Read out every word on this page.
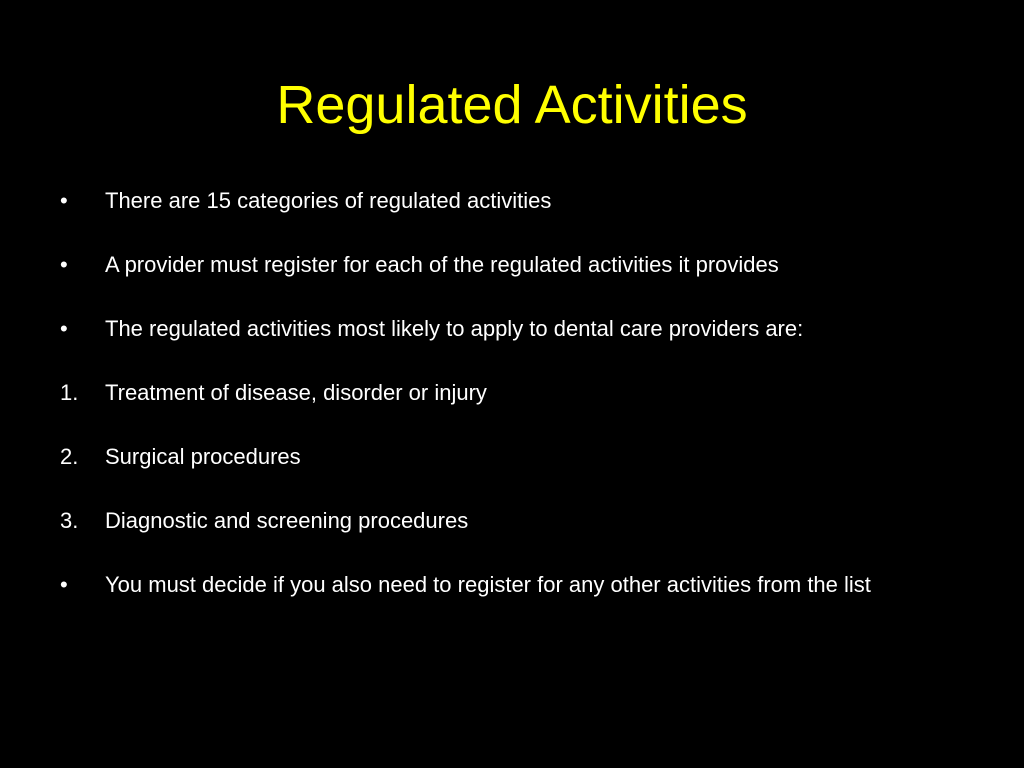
Regulated Activities
•	There are 15 categories of regulated activities
•	A provider must register for each of the regulated activities it provides
•	The regulated activities most likely to apply to dental care providers are:
1.	Treatment of disease, disorder or injury
2.	Surgical procedures
3.	Diagnostic and screening procedures
•	You must decide if you also need to register for any other activities from the list
